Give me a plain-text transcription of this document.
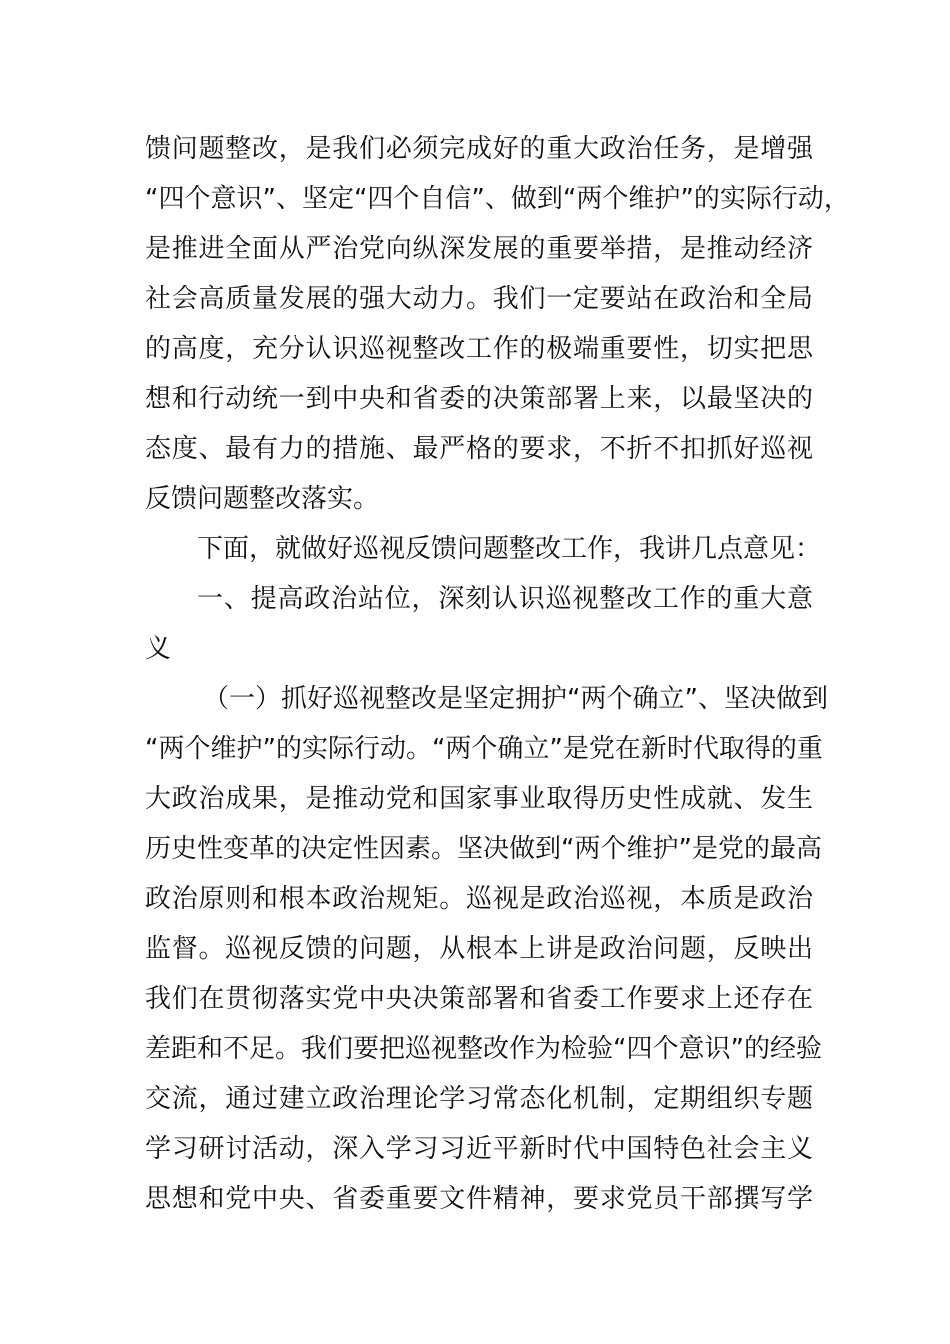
馈问题整改，是我们必须完成好的重大政治任务，是增强
“四个意识”、坚定“四个自信”、做到“两个维护”的实际行动，
是推进全面从严治党向纵深发展的重要举措，是推动经济
社会高质量发展的强大动力。我们一定要站在政治和全局
的高度，充分认识巡视整改工作的极端重要性，切实把思
想和行动统一到中央和省委的决策部署上来，以最坚决的
态度、最有力的措施、最严格的要求，不折不扣抓好巡视
反馈问题整改落实。
下面，就做好巡视反馈问题整改工作，我讲几点意见：
一、提高政治站位，深刻认识巡视整改工作的重大意
义
（一）抓好巡视整改是坚定拥护“两个确立”、坚决做到
“两个维护”的实际行动。“两个确立”是党在新时代取得的重
大政治成果，是推动党和国家事业取得历史性成就、发生
历史性变革的决定性因素。坚决做到“两个维护”是党的最高
政治原则和根本政治规矩。巡视是政治巡视，本质是政治
监督。巡视反馈的问题，从根本上讲是政治问题，反映出
我们在贯彻落实党中央决策部署和省委工作要求上还存在
差距和不足。我们要把巡视整改作为检验“四个意识”的经验
交流，通过建立政治理论学习常态化机制，定期组织专题
学习研讨活动，深入学习习近平新时代中国特色社会主义
思想和党中央、省委重要文件精神，要求党员干部撰写学
